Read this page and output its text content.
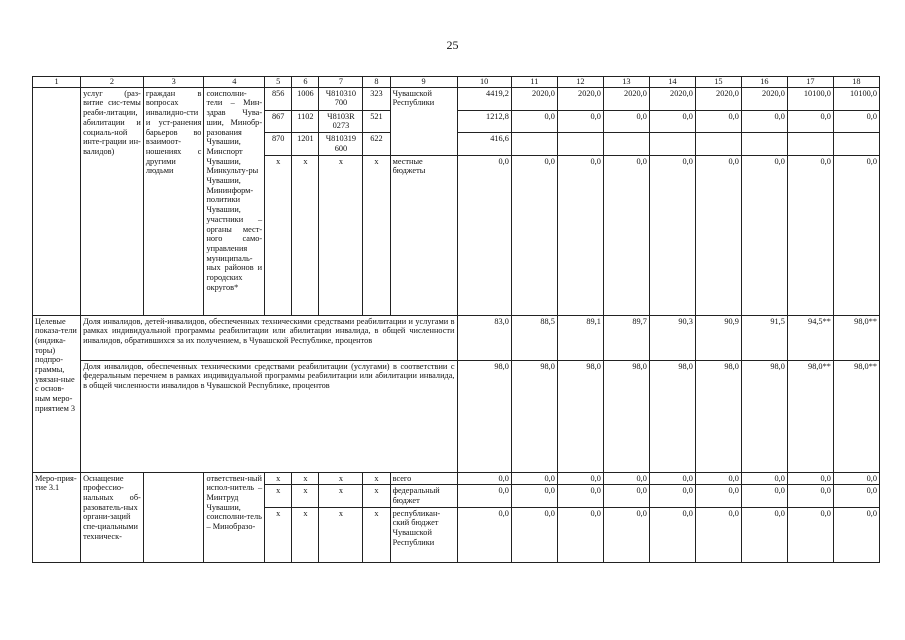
25
1	2	3	4	5	6	7	8	9	10	11	12	13	14	15	16	17	18
	услуг (раз-витие сис-темы реаби-литации, абилитации и социаль-ной инте-грации ин-валидов)	граждан в вопросах инвалидно-сти и уст-ранения барьеров во взаимоот-ношениях с другими людьми	соисполни-тели – Мин-здрав Чува-шии, Минобр-разования Чувашии, Минспорт Чувашии, Минкульту-ры Чувашии, Мининформ-политики Чувашии, участники – органы мест-ного само-управления муниципаль-ных районов и городских округов*	856	1006	Ч810310 700	323	Чувашской Республики	4419,2	2020,0	2020,0	2020,0	2020,0	2020,0	2020,0	10100,0	10100,0
				867	1102	Ч8103R 0273	521		1212,8	0,0	0,0	0,0	0,0	0,0	0,0	0,0	0,0
				870	1201	Ч810319 600	622		416,6								
				x	x	x	x	местные бюджеты	0,0	0,0	0,0	0,0	0,0	0,0	0,0	0,0	0,0
Целевые показа-тели (индика-торы) подпро-граммы, увязан-ные с основ-ным меро-приятием 3	Доля инвалидов, детей-инвалидов, обеспеченных техническими средствами реабилитации и услугами в рамках индивидуальной программы реабилитации или абилитации инвалида, в общей численности инвалидов, обратившихся за их получением, в Чувашской Республике, процентов								83,0	88,5	89,1	89,7	90,3	90,9	91,5	94,5**	98,0**
	Доля инвалидов, обеспеченных техническими средствами реабилитации (услугами) в соответствии с федеральным перечнем в рамках индивидуальной программы реабилитации или абилитации инвалида, в общей численности инвалидов в Чувашской Республике, процентов								98,0	98,0	98,0	98,0	98,0	98,0	98,0	98,0**	98,0**
Меро-прия-тие 3.1	Оснащение профессио-нальных об-разователь-ных органи-заций спе-циальными техническ-		ответствен-ный испол-нитель – Минтруд Чувашии, соисполни-тель – Минобразо-	x	x	x	x	всего	0,0	0,0	0,0	0,0	0,0	0,0	0,0	0,0	0,0
				x	x	x	x	федеральный бюджет	0,0	0,0	0,0	0,0	0,0	0,0	0,0	0,0	0,0
				x	x	x	x	республикан-ский бюджет Чувашской Республики	0,0	0,0	0,0	0,0	0,0	0,0	0,0	0,0	0,0
